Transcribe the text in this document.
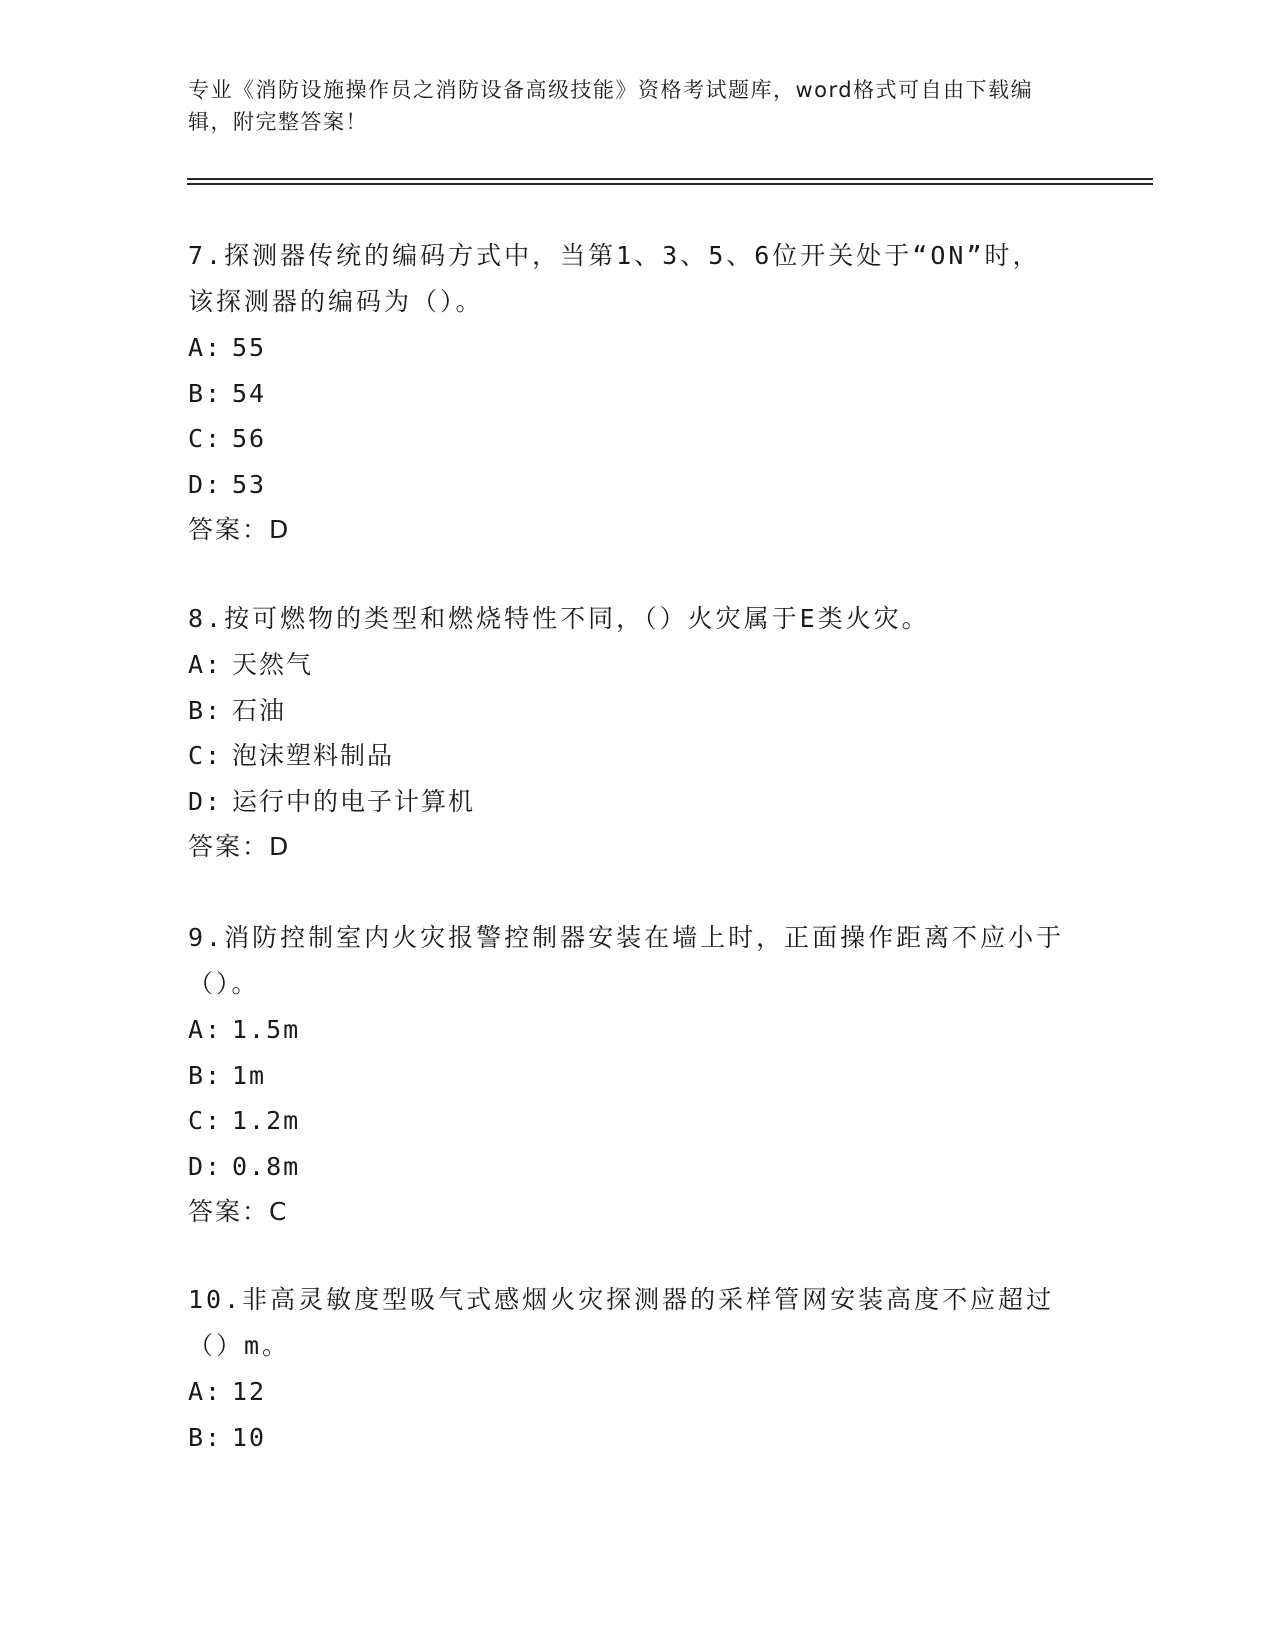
专业《消防设施操作员之消防设备高级技能》资格考试题库，word格式可自由下载编辑，附完整答案！

7.探测器传统的编码方式中，当第1、3、5、6位开关处于“ON”时，该探测器的编码为（）。

A: 55

B: 54

C: 56

D: 53

答案：D

8.按可燃物的类型和燃烧特性不同，（）火灾属于E类火灾。

A: 天然气

B: 石油

C: 泡沫塑料制品

D: 运行中的电子计算机

答案：D

9.消防控制室内火灾报警控制器安装在墙上时，正面操作距离不应小于（）。

A: 1.5m

B: 1m

C: 1.2m

D: 0.8m

答案：C

10.非高灵敏度型吸气式感烟火灾探测器的采样管网安装高度不应超过（）m。

A: 12

B: 10
